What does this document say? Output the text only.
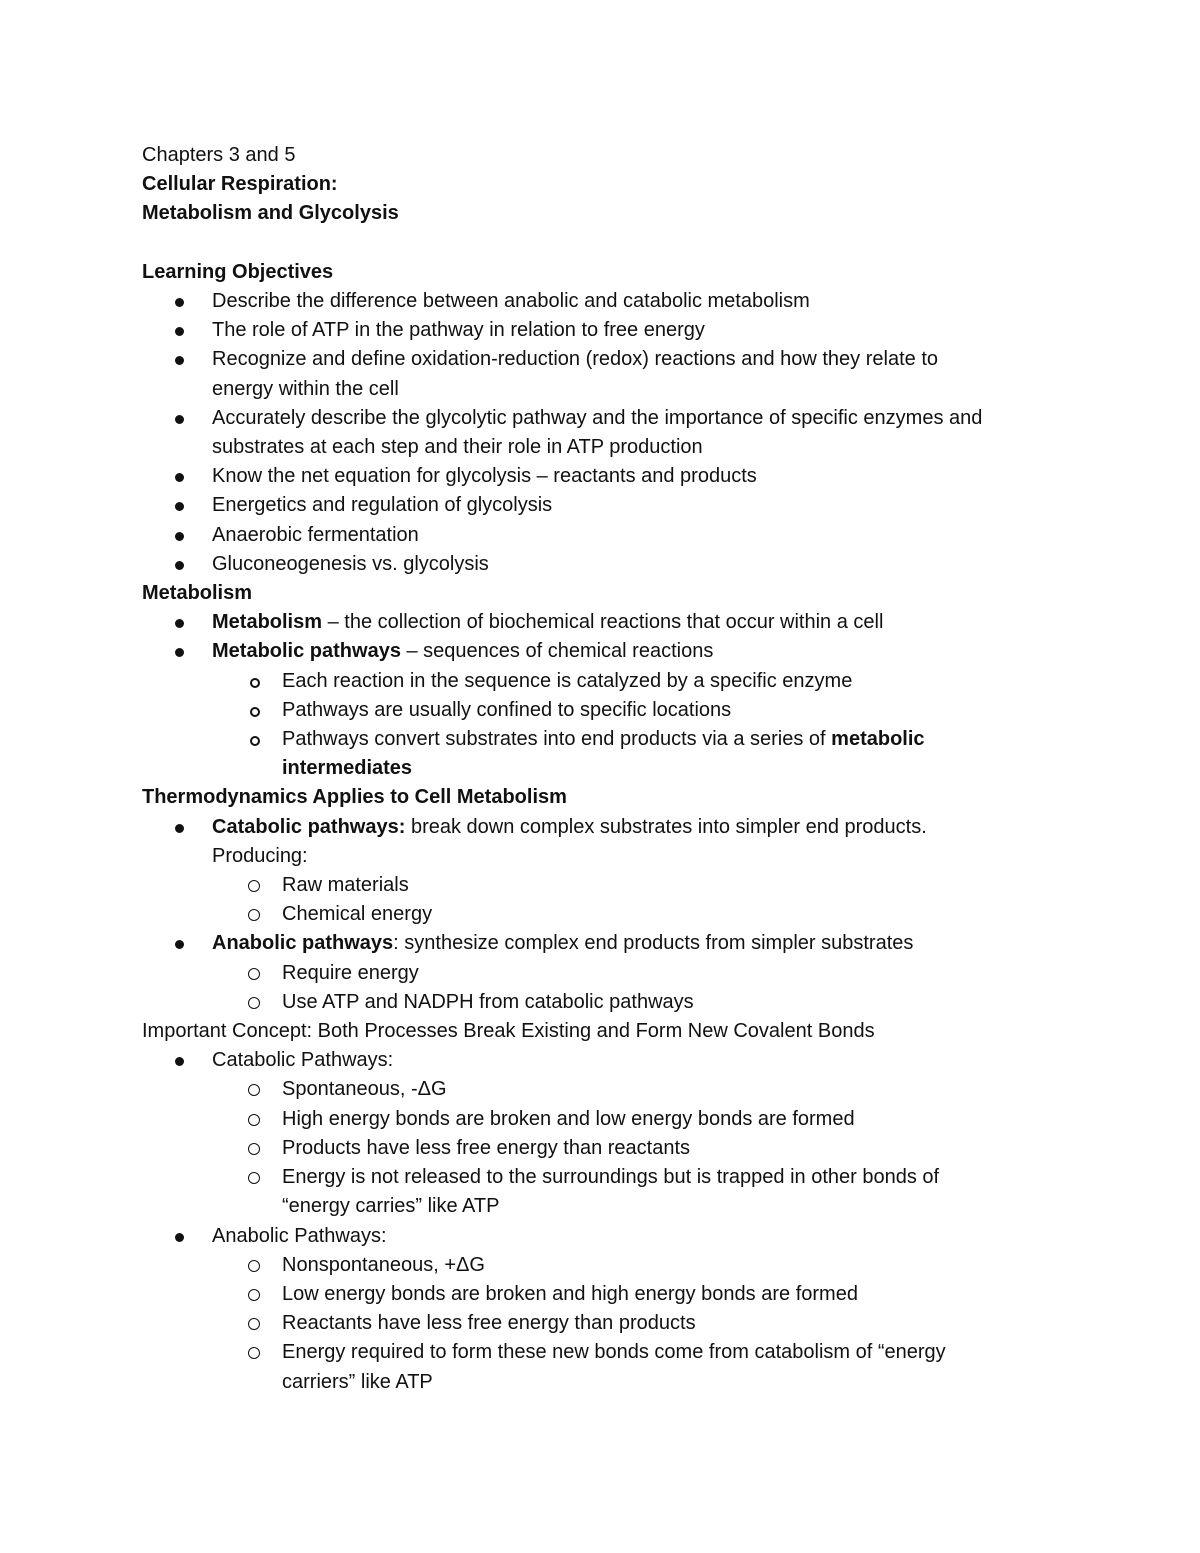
Chapters 3 and 5
Cellular Respiration:
Metabolism and Glycolysis
Learning Objectives
Describe the difference between anabolic and catabolic metabolism
The role of ATP in the pathway in relation to free energy
Recognize and define oxidation-reduction (redox) reactions and how they relate to
energy within the cell
Accurately describe the glycolytic pathway and the importance of specific enzymes and
substrates at each step and their role in ATP production
Know the net equation for glycolysis – reactants and products
Energetics and regulation of glycolysis
Anaerobic fermentation
Gluconeogenesis vs. glycolysis
Metabolism
Metabolism – the collection of biochemical reactions that occur within a cell
Metabolic pathways – sequences of chemical reactions
Each reaction in the sequence is catalyzed by a specific enzyme
Pathways are usually confined to specific locations
Pathways convert substrates into end products via a series of metabolic
intermediates
Thermodynamics Applies to Cell Metabolism
Catabolic pathways: break down complex substrates into simpler end products.
Producing:
Raw materials
Chemical energy
Anabolic pathways: synthesize complex end products from simpler substrates
Require energy
Use ATP and NADPH from catabolic pathways
Important Concept: Both Processes Break Existing and Form New Covalent Bonds
Catabolic Pathways:
Spontaneous, -ΔG
High energy bonds are broken and low energy bonds are formed
Products have less free energy than reactants
Energy is not released to the surroundings but is trapped in other bonds of
“energy carries” like ATP
Anabolic Pathways:
Nonspontaneous, +ΔG
Low energy bonds are broken and high energy bonds are formed
Reactants have less free energy than products
Energy required to form these new bonds come from catabolism of “energy
carriers” like ATP
